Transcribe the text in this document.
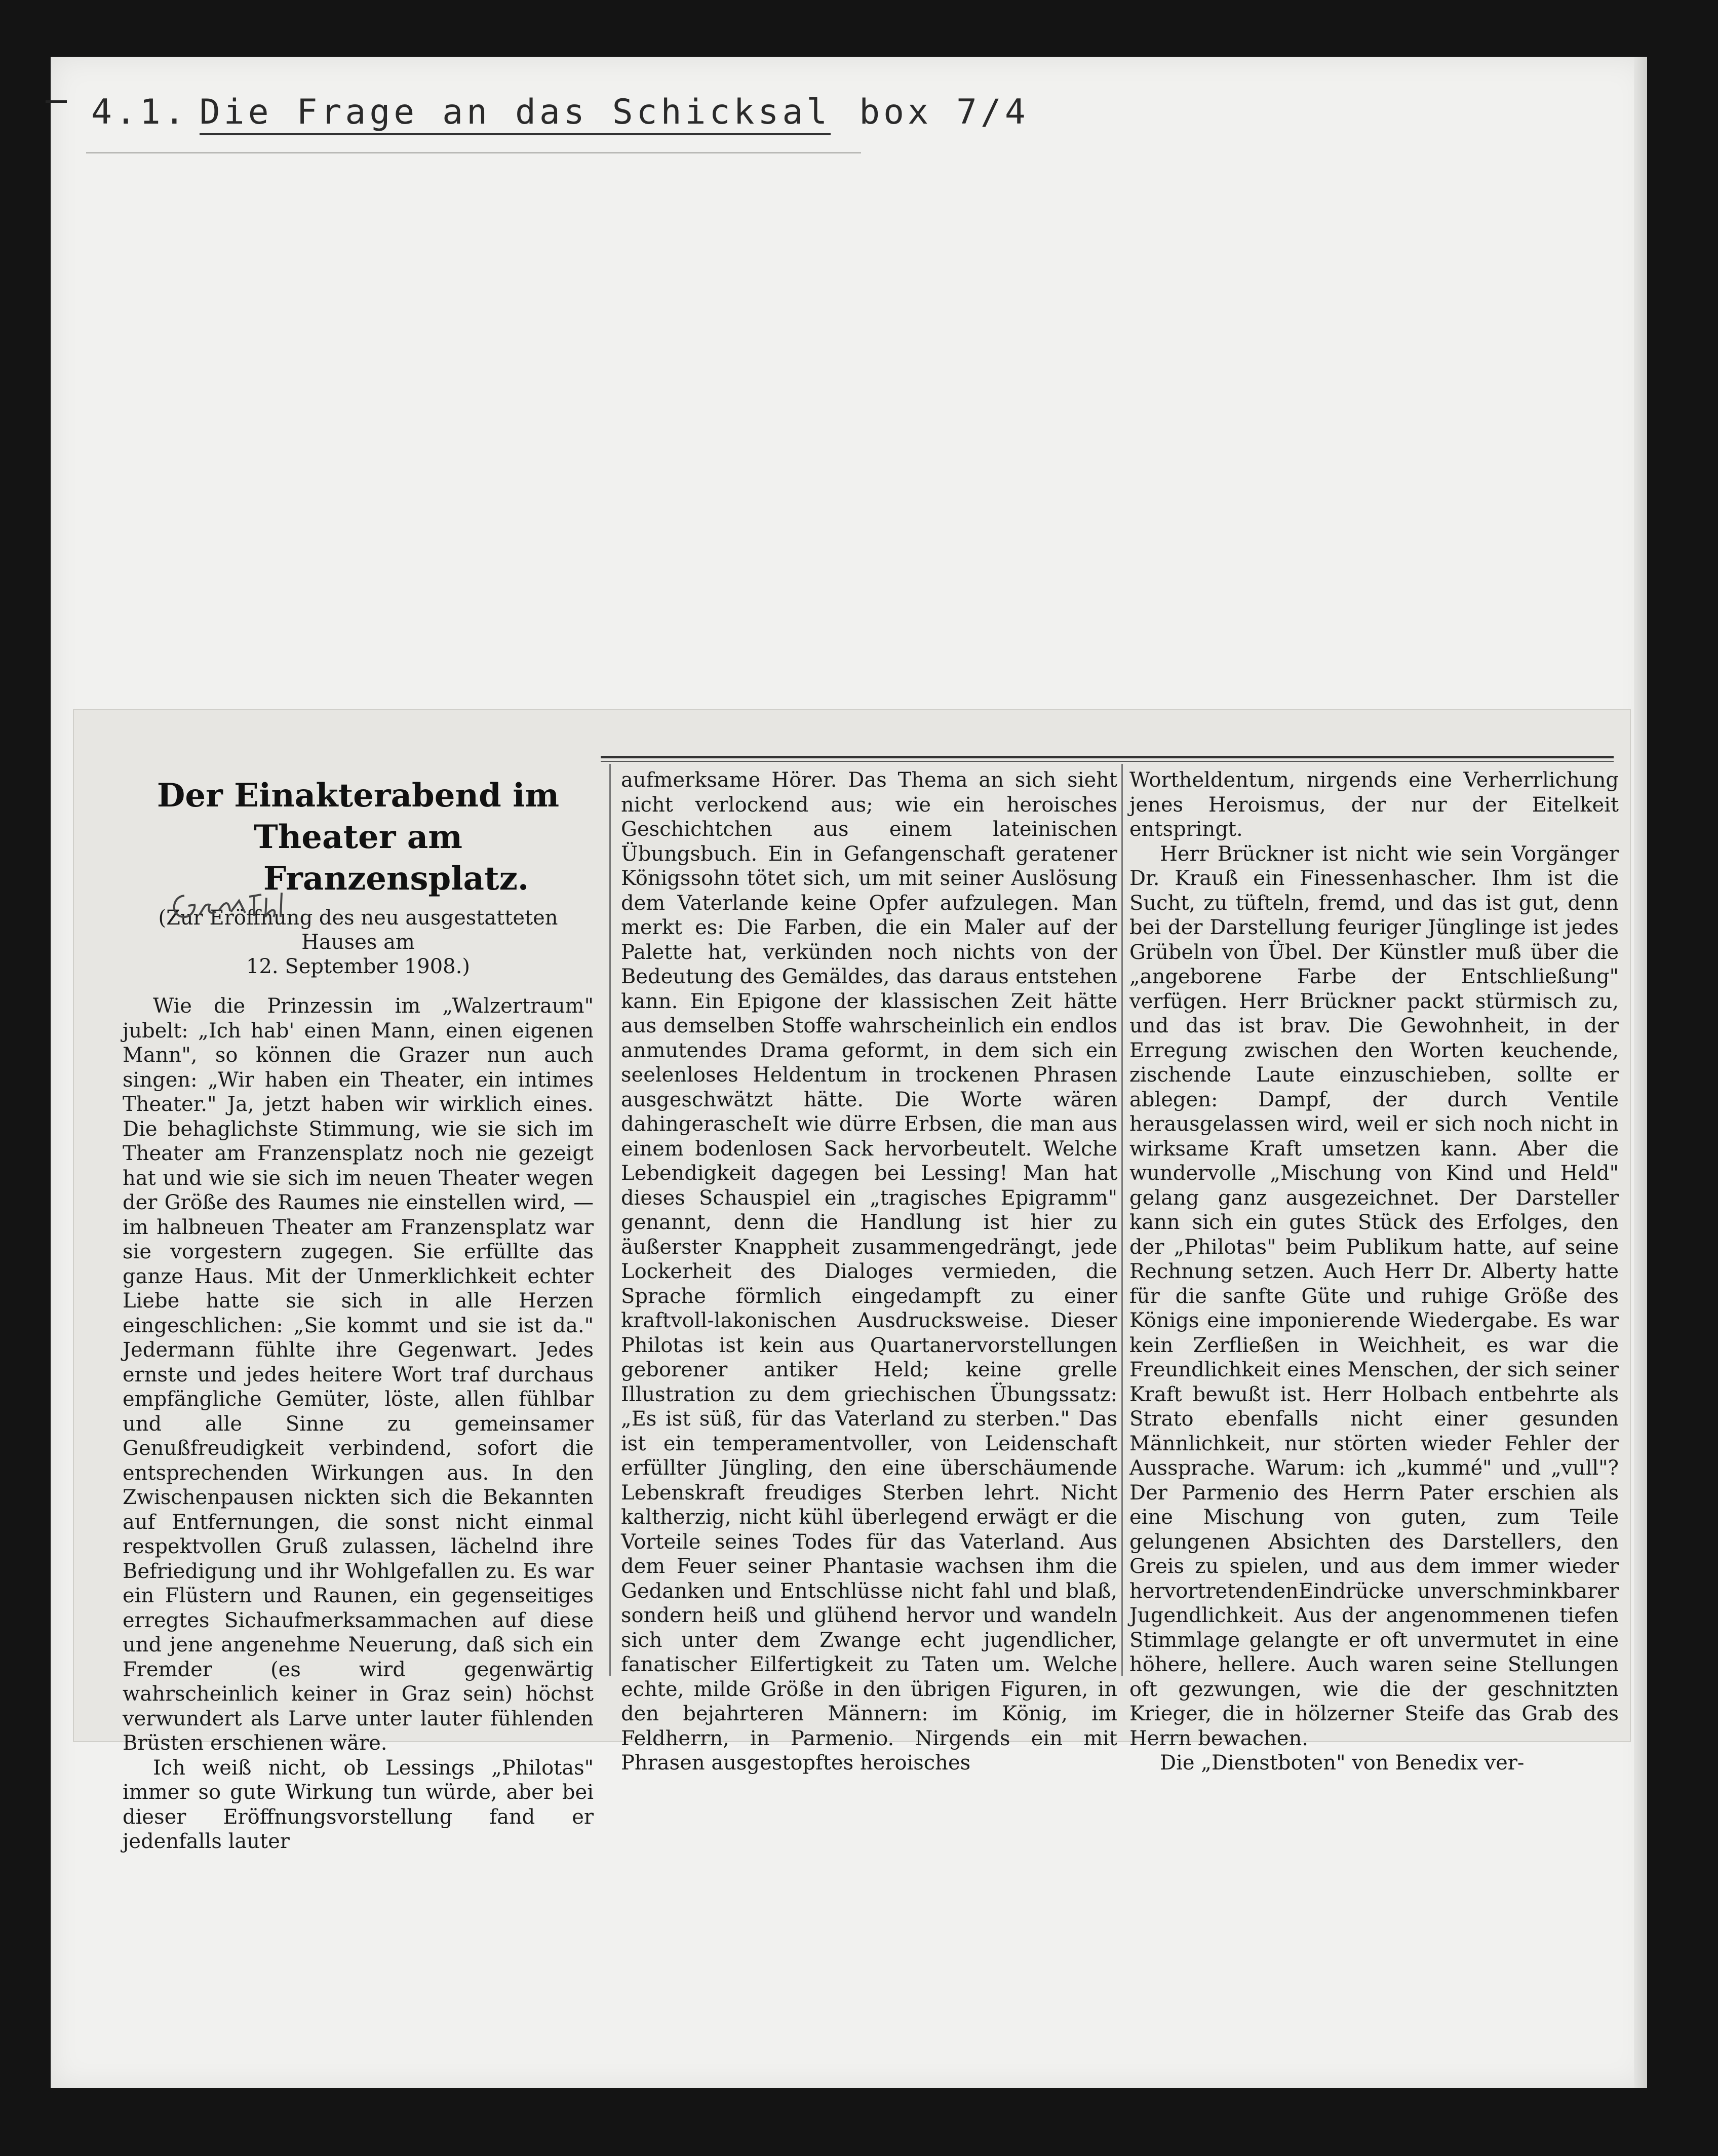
4.1. Die Frage an das Schicksal box 7/4
Der Einakterabend im Theater am

Franzensplatz.
(Zur Eröffnung des neu ausgestatteten Hauses am
12. September 1908.)

Wie die Prinzessin im „Walzertraum" jubelt: „Ich hab' einen Mann, einen eigenen Mann", so können die Grazer nun auch singen: „Wir haben ein Theater, ein intimes Theater." Ja, jetzt haben wir wirklich eines. Die behaglichste Stimmung, wie sie sich im Theater am Franzensplatz noch nie gezeigt hat und wie sie sich im neuen Theater wegen der Größe des Raumes nie einstellen wird, — im halbneuen Theater am Franzensplatz war sie vorgestern zugegen. Sie erfüllte das ganze Haus. Mit der Unmerklichkeit echter Liebe hatte sie sich in alle Herzen eingeschlichen: „Sie kommt und sie ist da." Jedermann fühlte ihre Gegenwart. Jedes ernste und jedes heitere Wort traf durchaus empfängliche Gemüter, löste, allen fühlbar und alle Sinne zu gemeinsamer Genußfreudigkeit verbindend, sofort die entsprechenden Wirkungen aus. In den Zwischenpausen nickten sich die Bekannten auf Entfernungen, die sonst nicht einmal respektvollen Gruß zulassen, lächelnd ihre Befriedigung und ihr Wohlgefallen zu. Es war ein Flüstern und Raunen, ein gegenseitiges erregtes Sichaufmerksammachen auf diese und jene angenehme Neuerung, daß sich ein Fremder (es wird gegenwärtig wahrscheinlich keiner in Graz sein) höchst verwundert als Larve unter lauter fühlenden Brüsten erschienen wäre.

Ich weiß nicht, ob Lessings „Philotas" immer so gute Wirkung tun würde, aber bei dieser Eröffnungsvorstellung fand er jedenfalls lauter

aufmerksame Hörer. Das Thema an sich sieht nicht verlockend aus; wie ein heroisches Geschichtchen aus einem lateinischen Übungsbuch. Ein in Gefangenschaft geratener Königssohn tötet sich, um mit seiner Auslösung dem Vaterlande keine Opfer aufzulegen. Man merkt es: Die Farben, die ein Maler auf der Palette hat, verkünden noch nichts von der Bedeutung des Gemäldes, das daraus entstehen kann. Ein Epigone der klassischen Zeit hätte aus demselben Stoffe wahrscheinlich ein endlos anmutendes Drama geformt, in dem sich ein seelenloses Heldentum in trockenen Phrasen ausgeschwätzt hätte. Die Worte wären dahingerascheIt wie dürre Erbsen, die man aus einem bodenlosen Sack hervorbeutelt. Welche Lebendigkeit dagegen bei Lessing! Man hat dieses Schauspiel ein „tragisches Epigramm" genannt, denn die Handlung ist hier zu äußerster Knappheit zusammengedrängt, jede Lockerheit des Dialoges vermieden, die Sprache förmlich eingedampft zu einer kraftvoll-lakonischen Ausdrucksweise. Dieser Philotas ist kein aus Quartanervorstellungen geborener antiker Held; keine grelle Illustration zu dem griechischen Übungssatz: „Es ist süß, für das Vaterland zu sterben." Das ist ein temperamentvoller, von Leidenschaft erfüllter Jüngling, den eine überschäumende Lebenskraft freudiges Sterben lehrt. Nicht kaltherzig, nicht kühl überlegend erwägt er die Vorteile seines Todes für das Vaterland. Aus dem Feuer seiner Phantasie wachsen ihm die Gedanken und Entschlüsse nicht fahl und blaß, sondern heiß und glühend hervor und wandeln sich unter dem Zwange echt jugendlicher, fanatischer Eilfertigkeit zu Taten um. Welche echte, milde Größe in den übrigen Figuren, in den bejahrteren Männern: im König, im Feldherrn, in Parmenio. Nirgends ein mit Phrasen ausgestopftes heroisches

Wortheldentum, nirgends eine Verherrlichung jenes Heroismus, der nur der Eitelkeit entspringt.

Herr Brückner ist nicht wie sein Vorgänger Dr. Krauß ein Finessenhascher. Ihm ist die Sucht, zu tüfteln, fremd, und das ist gut, denn bei der Darstellung feuriger Jünglinge ist jedes Grübeln von Übel. Der Künstler muß über die „angeborene Farbe der Entschließung" verfügen. Herr Brückner packt stürmisch zu, und das ist brav. Die Gewohnheit, in der Erregung zwischen den Worten keuchende, zischende Laute einzuschieben, sollte er ablegen: Dampf, der durch Ventile herausgelassen wird, weil er sich noch nicht in wirksame Kraft umsetzen kann. Aber die wundervolle „Mischung von Kind und Held" gelang ganz ausgezeichnet. Der Darsteller kann sich ein gutes Stück des Erfolges, den der „Philotas" beim Publikum hatte, auf seine Rechnung setzen. Auch Herr Dr. Alberty hatte für die sanfte Güte und ruhige Größe des Königs eine imponierende Wiedergabe. Es war kein Zerfließen in Weichheit, es war die Freundlichkeit eines Menschen, der sich seiner Kraft bewußt ist. Herr Holbach entbehrte als Strato ebenfalls nicht einer gesunden Männlichkeit, nur störten wieder Fehler der Aussprache. Warum: ich „kummé" und „vull"? Der Parmenio des Herrn Pater erschien als eine Mischung von guten, zum Teile gelungenen Absichten des Darstellers, den Greis zu spielen, und aus dem immer wieder hervortretendenEindrücke unverschminkbarer Jugendlichkeit. Aus der angenommenen tiefen Stimmlage gelangte er oft unvermutet in eine höhere, hellere. Auch waren seine Stellungen oft gezwungen, wie die der geschnitzten Krieger, die in hölzerner Steife das Grab des Herrn bewachen.

Die „Dienstboten" von Benedix ver-
